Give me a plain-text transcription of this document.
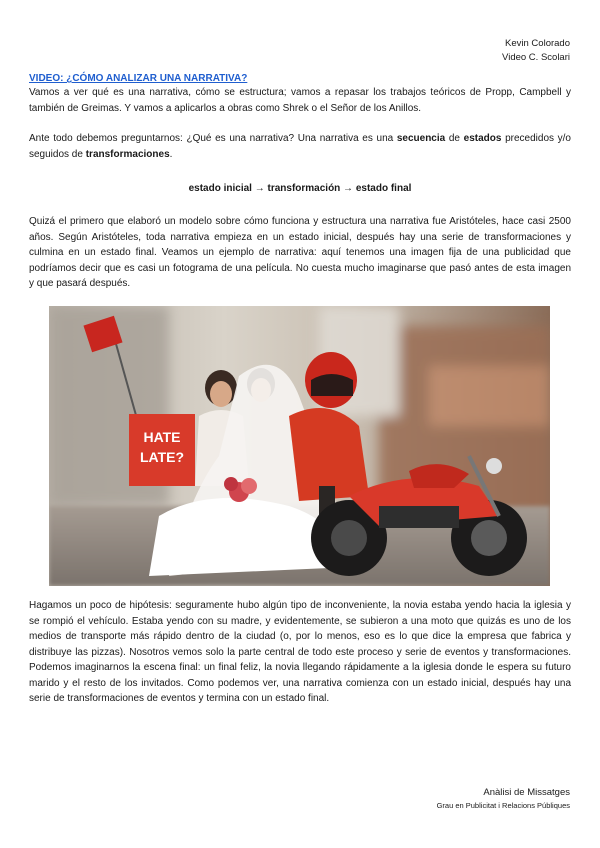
Kevin Colorado
Video C. Scolari
VIDEO: ¿CÓMO ANALIZAR UNA NARRATIVA?

Vamos a ver qué es una narrativa, cómo se estructura; vamos a repasar los trabajos teóricos de Propp, Campbell y también de Greimas. Y vamos a aplicarlos a obras como Shrek o el Señor de los Anillos.

Ante todo debemos preguntarnos: ¿Qué es una narrativa? Una narrativa es una secuencia de estados precedidos y/o seguidos de transformaciones.

estado inicial → transformación → estado final

Quizá el primero que elaboró un modelo sobre cómo funciona y estructura una narrativa fue Aristóteles, hace casi 2500 años. Según Aristóteles, toda narrativa empieza en un estado inicial, después hay una serie de transformaciones y culmina en un estado final. Veamos un ejemplo de narrativa: aquí tenemos una imagen fija de una publicidad que podríamos decir que es casi un fotograma de una película. No cuesta mucho imaginarse que pasó antes de esta imagen y que pasará después.

HATE
LATE?

Hagamos un poco de hipótesis: seguramente hubo algún tipo de inconveniente, la novia estaba yendo hacia la iglesia y se rompió el vehículo. Estaba yendo con su madre, y evidentemente, se subieron a una moto que quizás es uno de los medios de transporte más rápido dentro de la ciudad (o, por lo menos, eso es lo que dice la empresa que fabrica y distribuye las pizzas). Nosotros vemos solo la parte central de todo este proceso y serie de eventos y transformaciones. Podemos imaginarnos la escena final: un final feliz, la novia llegando rápidamente a la iglesia donde le espera su futuro marido y el resto de los invitados. Como podemos ver, una narrativa comienza con un estado inicial, después hay una serie de transformaciones de eventos y termina con un estado final.

Anàlisi de Missatges
Grau en Publicitat i Relacions Públiques
